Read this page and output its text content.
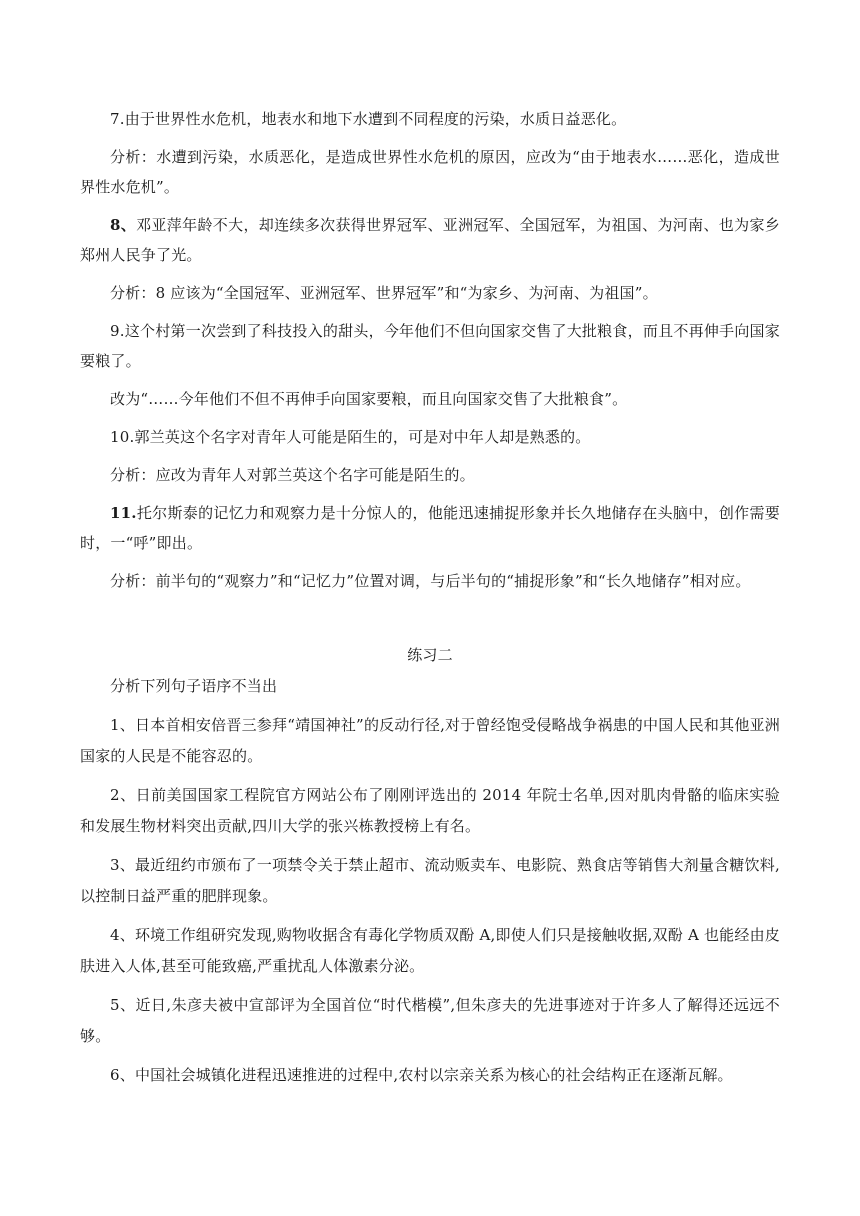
7.由于世界性水危机，地表水和地下水遭到不同程度的污染，水质日益恶化。

分析：水遭到污染，水质恶化，是造成世界性水危机的原因，应改为“由于地表水……恶化，造成世界性水危机”。

8、邓亚萍年龄不大，却连续多次获得世界冠军、亚洲冠军、全国冠军，为祖国、为河南、也为家乡郑州人民争了光。

分析：8 应该为“全国冠军、亚洲冠军、世界冠军”和“为家乡、为河南、为祖国”。

9.这个村第一次尝到了科技投入的甜头，今年他们不但向国家交售了大批粮食，而且不再伸手向国家要粮了。

改为“……今年他们不但不再伸手向国家要粮，而且向国家交售了大批粮食”。

10.郭兰英这个名字对青年人可能是陌生的，可是对中年人却是熟悉的。

分析：应改为青年人对郭兰英这个名字可能是陌生的。

11.托尔斯泰的记忆力和观察力是十分惊人的，他能迅速捕捉形象并长久地储存在头脑中，创作需要时，一“呼”即出。

分析：前半句的“观察力”和“记忆力”位置对调，与后半句的“捕捉形象”和“长久地储存”相对应。

练习二

分析下列句子语序不当出

1、日本首相安倍晋三参拜“靖国神社”的反动行径,对于曾经饱受侵略战争祸患的中国人民和其他亚洲国家的人民是不能容忍的。

2、日前美国国家工程院官方网站公布了刚刚评选出的 2014 年院士名单,因对肌肉骨骼的临床实验和发展生物材料突出贡献,四川大学的张兴栋教授榜上有名。

3、最近纽约市颁布了一项禁令关于禁止超市、流动贩卖车、电影院、熟食店等销售大剂量含糖饮料,以控制日益严重的肥胖现象。

4、环境工作组研究发现,购物收据含有毒化学物质双酚 A,即使人们只是接触收据,双酚 A 也能经由皮肤进入人体,甚至可能致癌,严重扰乱人体激素分泌。

5、近日,朱彦夫被中宣部评为全国首位“时代楷模”,但朱彦夫的先进事迹对于许多人了解得还远远不够。

6、中国社会城镇化进程迅速推进的过程中,农村以宗亲关系为核心的社会结构正在逐渐瓦解。
